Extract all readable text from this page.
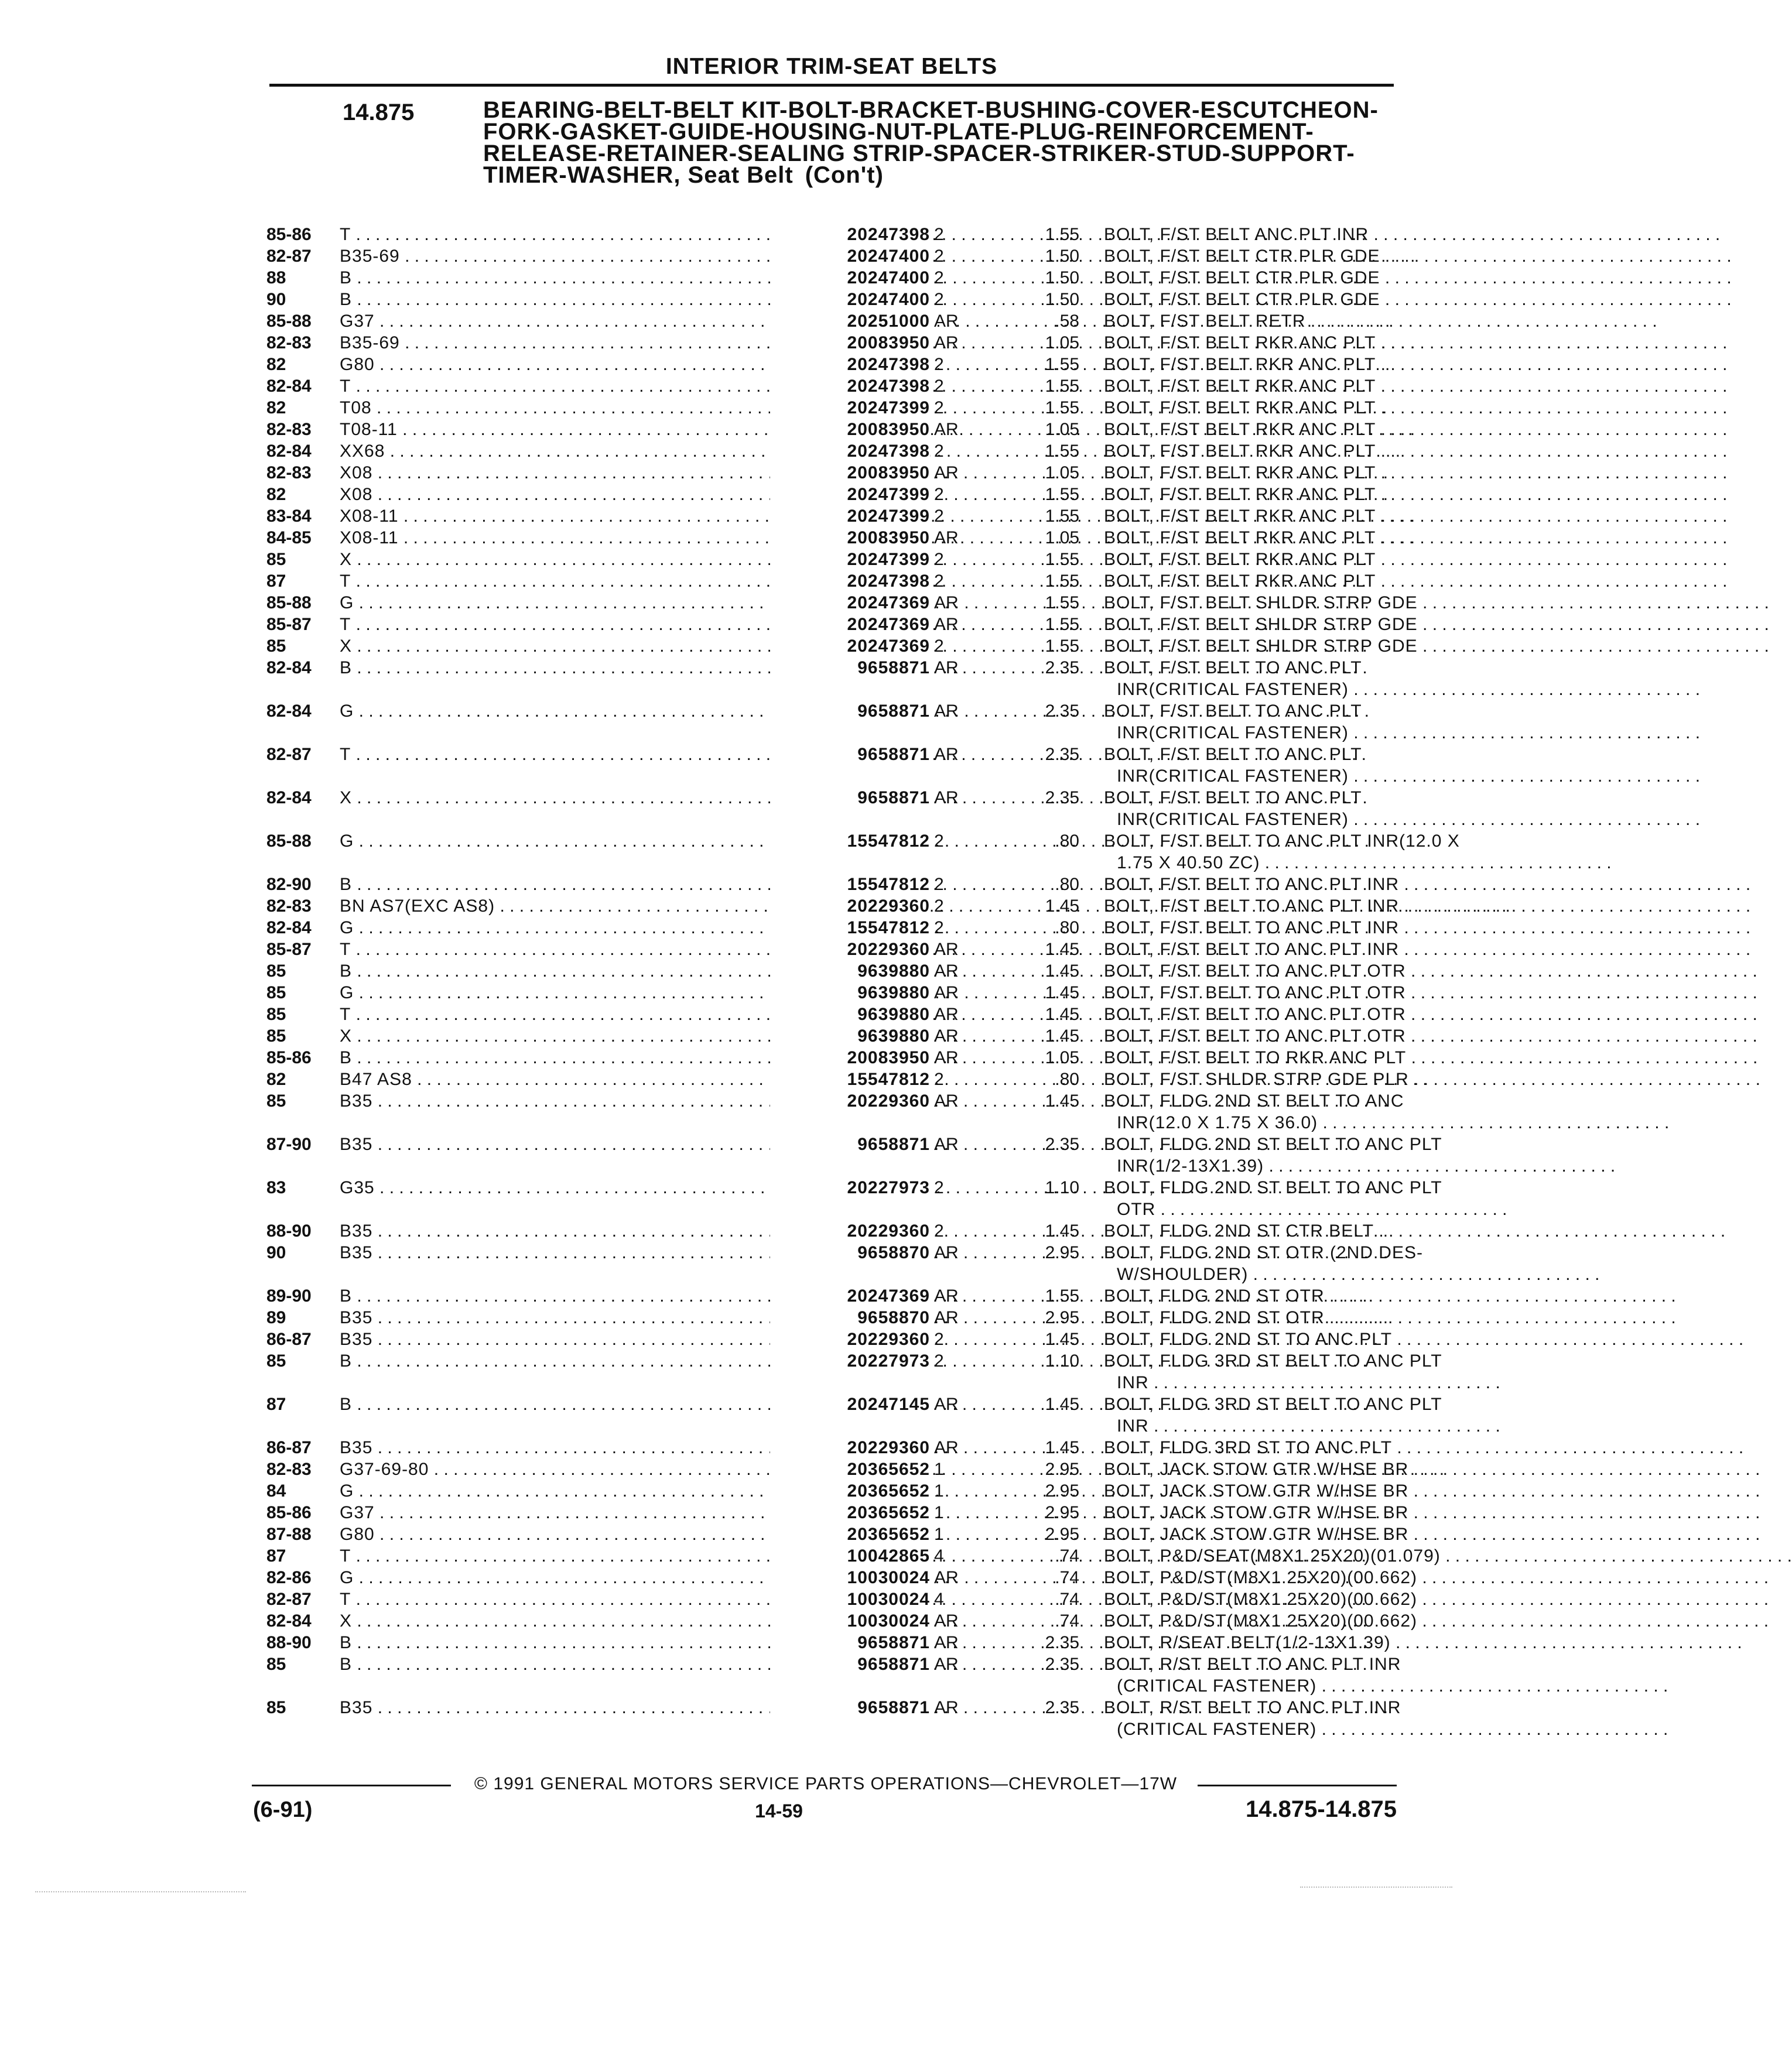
INTERIOR TRIM-SEAT BELTS
14.875	BEARING-BELT-BELT KIT-BOLT-BRACKET-BUSHING-COVER-ESCUTCHEON-FORK-GASKET-GUIDE-HOUSING-NUT-PLATE-PLUG-REINFORCEMENT-RELEASE-RETAINER-SEALING STRIP-SPACER-STRIKER-STUD-SUPPORT-TIMER-WASHER, Seat Belt (Con't)
85-86 T . . .	20247398 2	1.55 BOLT, F/ST BELT ANC PLT INR . . .
82-87 B35-69 . . .	20247400 2	1.50 BOLT, F/ST BELT CTR PLR GDE . . .
88	B . . .	20247400 2	1.50 BOLT, F/ST BELT CTR PLR GDE . . .
90	B . . .	20247400 2	1.50 BOLT, F/ST BELT CTR PLR GDE . . .
85-88 G37 . . .	20251000 AR	.58 BOLT, F/ST BELT RETR . . .
82-83 B35-69 . . .	20083950 AR	1.05 BOLT, F/ST BELT RKR ANC PLT . . .
82	G80 . . .	20247398 2	1.55 BOLT, F/ST BELT RKR ANC PLT . . .
82-84 T . . .	20247398 2	1.55 BOLT, F/ST BELT RKR ANC PLT . . .
82	T08 . . .	20247399 2	1.55 BOLT, F/ST BELT RKR ANC PLT . . .
82-83 T08-11 . . .	20083950 AR	1.05 BOLT, F/ST BELT RKR ANC PLT . . .
82-84 XX68 . . .	20247398 2	1.55 BOLT, F/ST BELT RKR ANC PLT . . .
82-83 X08 . . .	20083950 AR	1.05 BOLT, F/ST BELT RKR ANC PLT . . .
82	X08 . . .	20247399 2	1.55 BOLT, F/ST BELT RKR ANC PLT . . .
83-84 X08-11 . . .	20247399 2	1.55 BOLT, F/ST BELT RKR ANC PLT . . .
84-85 X08-11 . . .	20083950 AR	1.05 BOLT, F/ST BELT RKR ANC PLT . . .
85	X . . .	20247399 2	1.55 BOLT, F/ST BELT RKR ANC PLT . . .
87	T . . .	20247398 2	1.55 BOLT, F/ST BELT RKR ANC PLT . . .
85-88 G . . .	20247369 AR	1.55 BOLT, F/ST BELT SHLDR STRP GDE . . .
85-87 T . . .	20247369 AR	1.55 BOLT, F/ST BELT SHLDR STRP GDE . . .
85	X . . .	20247369 2	1.55 BOLT, F/ST BELT SHLDR STRP GDE . . .
82-84 B . . .	9658871 AR	2.35 BOLT, F/ST BELT TO ANC PLT
INR(CRITICAL FASTENER) . . .
82-84 G . . .	9658871 AR	2.35 BOLT, F/ST BELT TO ANC PLT
INR(CRITICAL FASTENER) . . .
82-87 T . . .	9658871 AR	2.35 BOLT, F/ST BELT TO ANC PLT
INR(CRITICAL FASTENER) . . .
82-84 X . . .	9658871 AR	2.35 BOLT, F/ST BELT TO ANC PLT
INR(CRITICAL FASTENER) . . .
85-88 G . . .	15547812 2	.80 BOLT, F/ST BELT TO ANC PLT INR(12.0 X
1.75 X 40.50 ZC) . . .
82-90 B . . .	15547812 2	.80 BOLT, F/ST BELT TO ANC PLT INR . . .
82-83 BN AS7(EXC AS8) . . .	20229360 2	1.45 BOLT, F/ST BELT TO ANC PLT INR . . .
82-84 G . . .	15547812 2	.80 BOLT, F/ST BELT TO ANC PLT INR . . .
85-87 T . . .	20229360 AR	1.45 BOLT, F/ST BELT TO ANC PLT INR . . .
85	B . . .	9639880 AR	1.45 BOLT, F/ST BELT TO ANC PLT OTR . . .
85	G . . .	9639880 AR	1.45 BOLT, F/ST BELT TO ANC PLT OTR . . .
85	T . . .	9639880 AR	1.45 BOLT, F/ST BELT TO ANC PLT OTR . . .
85	X . . .	9639880 AR	1.45 BOLT, F/ST BELT TO ANC PLT OTR . . .
85-86 B . . .	20083950 AR	1.05 BOLT, F/ST BELT TO RKR ANC PLT . . .
82	B47 AS8 . . .	15547812 2	.80 BOLT, F/ST SHLDR STRP GDE PLR . . .
85	B35 . . .	20229360 AR	1.45 BOLT, FLDG 2ND ST BELT TO ANC
INR(12.0 X 1.75 X 36.0) . . .
87-90 B35 . . .	9658871 AR	2.35 BOLT, FLDG 2ND ST BELT TO ANC PLT
INR(1/2-13X1.39) . . .
83	G35 . . .	20227973 2	1.10 BOLT, FLDG 2ND ST BELT TO ANC PLT
OTR . . .
88-90 B35 . . .	20229360 2	1.45 BOLT, FLDG 2ND ST CTR BELT . . .
90	B35 . . .	9658870 AR	2.95 BOLT, FLDG 2ND ST OTR (2ND DES-
W/SHOULDER) . . .
89-90 B . . .	20247369 AR	1.55 BOLT, FLDG 2ND ST OTR . . .
89	B35 . . .	9658870 AR	2.95 BOLT, FLDG 2ND ST OTR . . .
86-87 B35 . . .	20229360 2	1.45 BOLT, FLDG 2ND ST TO ANC PLT . . .
85	B . . .	20227973 2	1.10 BOLT, FLDG 3RD ST BELT TO ANC PLT
INR . . .
87	B . . .	20247145 AR	1.45 BOLT, FLDG 3RD ST BELT TO ANC PLT
INR . . .
86-87 B35 . . .	20229360 AR	1.45 BOLT, FLDG 3RD ST TO ANC PLT . . .
82-83 G37-69-80 . . .	20365652 1	2.95 BOLT, JACK STOW GTR W/HSE BR . . .
84	G . . .	20365652 1	2.95 BOLT, JACK STOW GTR W/HSE BR . . .
85-86 G37 . . .	20365652 1	2.95 BOLT, JACK STOW GTR W/HSE BR . . .
87-88 G80 . . .	20365652 1	2.95 BOLT, JACK STOW GTR W/HSE BR . . .
87	T . . .	10042865 4	.74 BOLT, P&D/SEAT(M8X1.25X20)(01.079) . . .
82-86 G . . .	10030024 AR	.74 BOLT, P&D/ST(M8X1.25X20)(00.662) . . .
82-87 T . . .	10030024 4	.74 BOLT, P&D/ST(M8X1.25X20)(00.662) . . .
82-84 X . . .	10030024 AR	.74 BOLT, P&D/ST(M8X1.25X20)(00.662) . . .
88-90 B . . .	9658871 AR	2.35 BOLT, R/SEAT BELT(1/2-13X1.39) . . .
85	B . . .	9658871 AR	2.35 BOLT, R/ST BELT TO ANC PLT INR
(CRITICAL FASTENER) . . .
85	B35 . . .	9658871 AR	2.35 BOLT, R/ST BELT TO ANC PLT INR
(CRITICAL FASTENER) . . .
© 1991 GENERAL MOTORS SERVICE PARTS OPERATIONS—CHEVROLET—17W
(6-91)	14-59	14.875-14.875
